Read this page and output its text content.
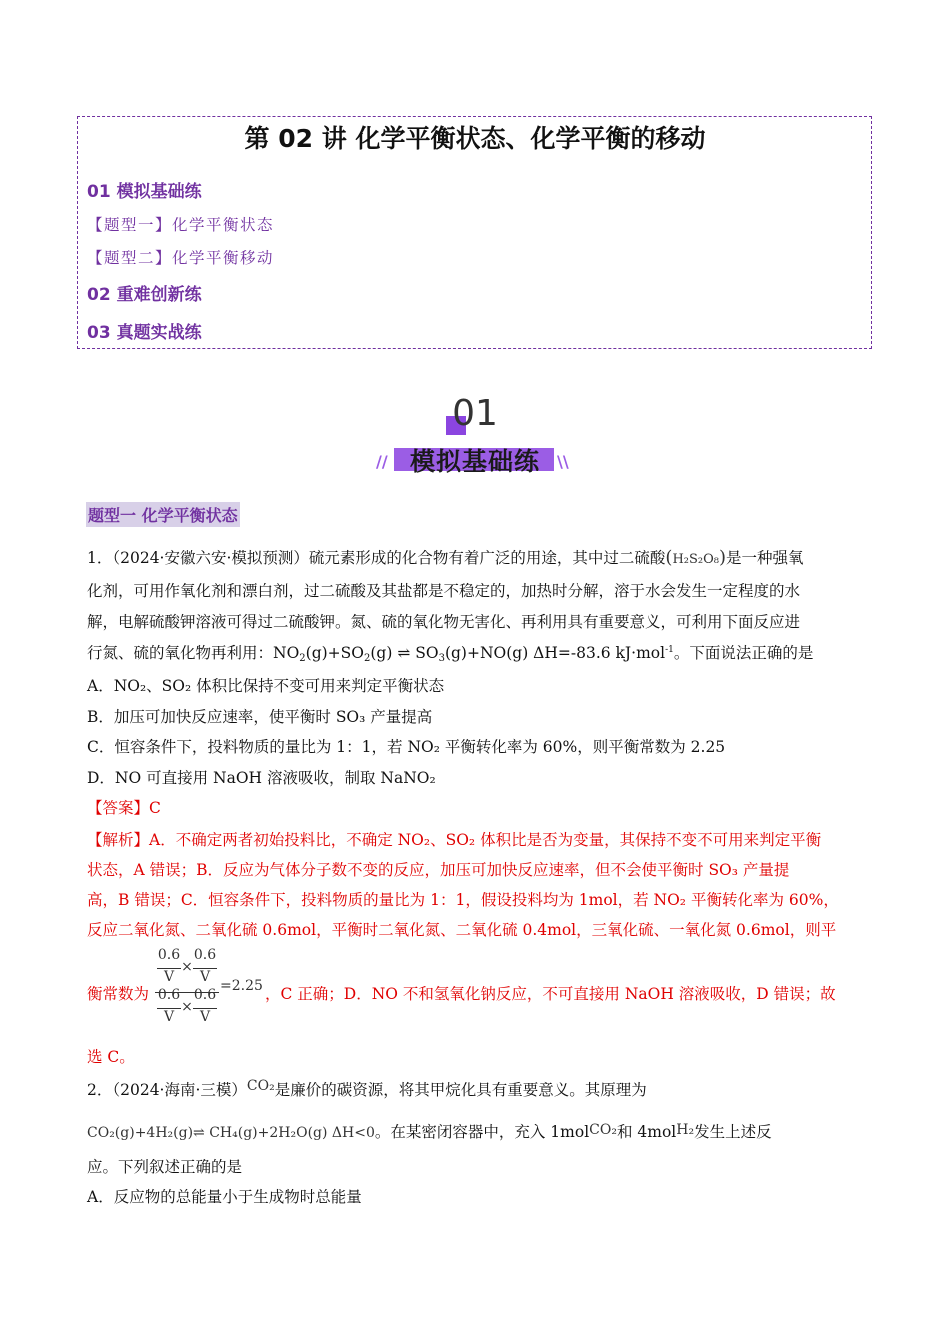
第 02 讲 化学平衡状态、化学平衡的移动
01 模拟基础练
【题型一】化学平衡状态
【题型二】化学平衡移动
02 重难创新练
03 真题实战练
01
模拟基础练
//	\\
题型一 化学平衡状态
1．（2024·安徽六安·模拟预测）硫元素形成的化合物有着广泛的用途，其中过二硫酸(H₂S₂O₈)是一种强氧
化剂，可用作氧化剂和漂白剂，过二硫酸及其盐都是不稳定的，加热时分解，溶于水会发生一定程度的水
解，电解硫酸钾溶液可得过二硫酸钾。氮、硫的氧化物无害化、再利用具有重要意义，可利用下面反应进
行氮、硫的氧化物再利用：$NO_2(g)+SO_2(g)$ ⇌ $SO_3(g)+NO(g)$ ΔH=-83.6 kJ·mol$^{-1}$。下面说法正确的是
A．NO₂、SO₂ 体积比保持不变可用来判定平衡状态
B．加压可加快反应速率，使平衡时 SO₃ 产量提高
C．恒容条件下，投料物质的量比为 1：1，若 NO₂ 平衡转化率为 60%，则平衡常数为 2.25
D．NO 可直接用 NaOH 溶液吸收，制取 NaNO₂
【答案】C
【解析】A．不确定两者初始投料比，不确定 NO₂、SO₂ 体积比是否为变量，其保持不变不可用来判定平衡
状态，A 错误；B．反应为气体分子数不变的反应，加压可加快反应速率，但不会使平衡时 SO₃ 产量提
高，B 错误；C．恒容条件下，投料物质的量比为 1：1，假设投料均为 1mol，若 NO₂ 平衡转化率为 60%，
反应二氧化氮、二氧化硫 0.6mol，平衡时二氧化氮、二氧化硫 0.4mol，三氧化硫、一氧化氮 0.6mol，则平
衡常数为
0.6
V
×
0.6
V
0.6
V
×
0.6
V
=2.25 ，C 正确；D．NO 不和氢氧化钠反应，不可直接用 NaOH 溶液吸收，D 错误；故
选 C。
2．（2024·海南·三模）CO₂是廉价的碳资源，将其甲烷化具有重要意义。其原理为
CO₂(g)+4H₂(g)⇌ CH₄(g)+2H₂O(g) ΔH<0。在某密闭容器中，充入 1molCO₂和 4molH₂发生上述反
应。下列叙述正确的是
A．反应物的总能量小于生成物时总能量
